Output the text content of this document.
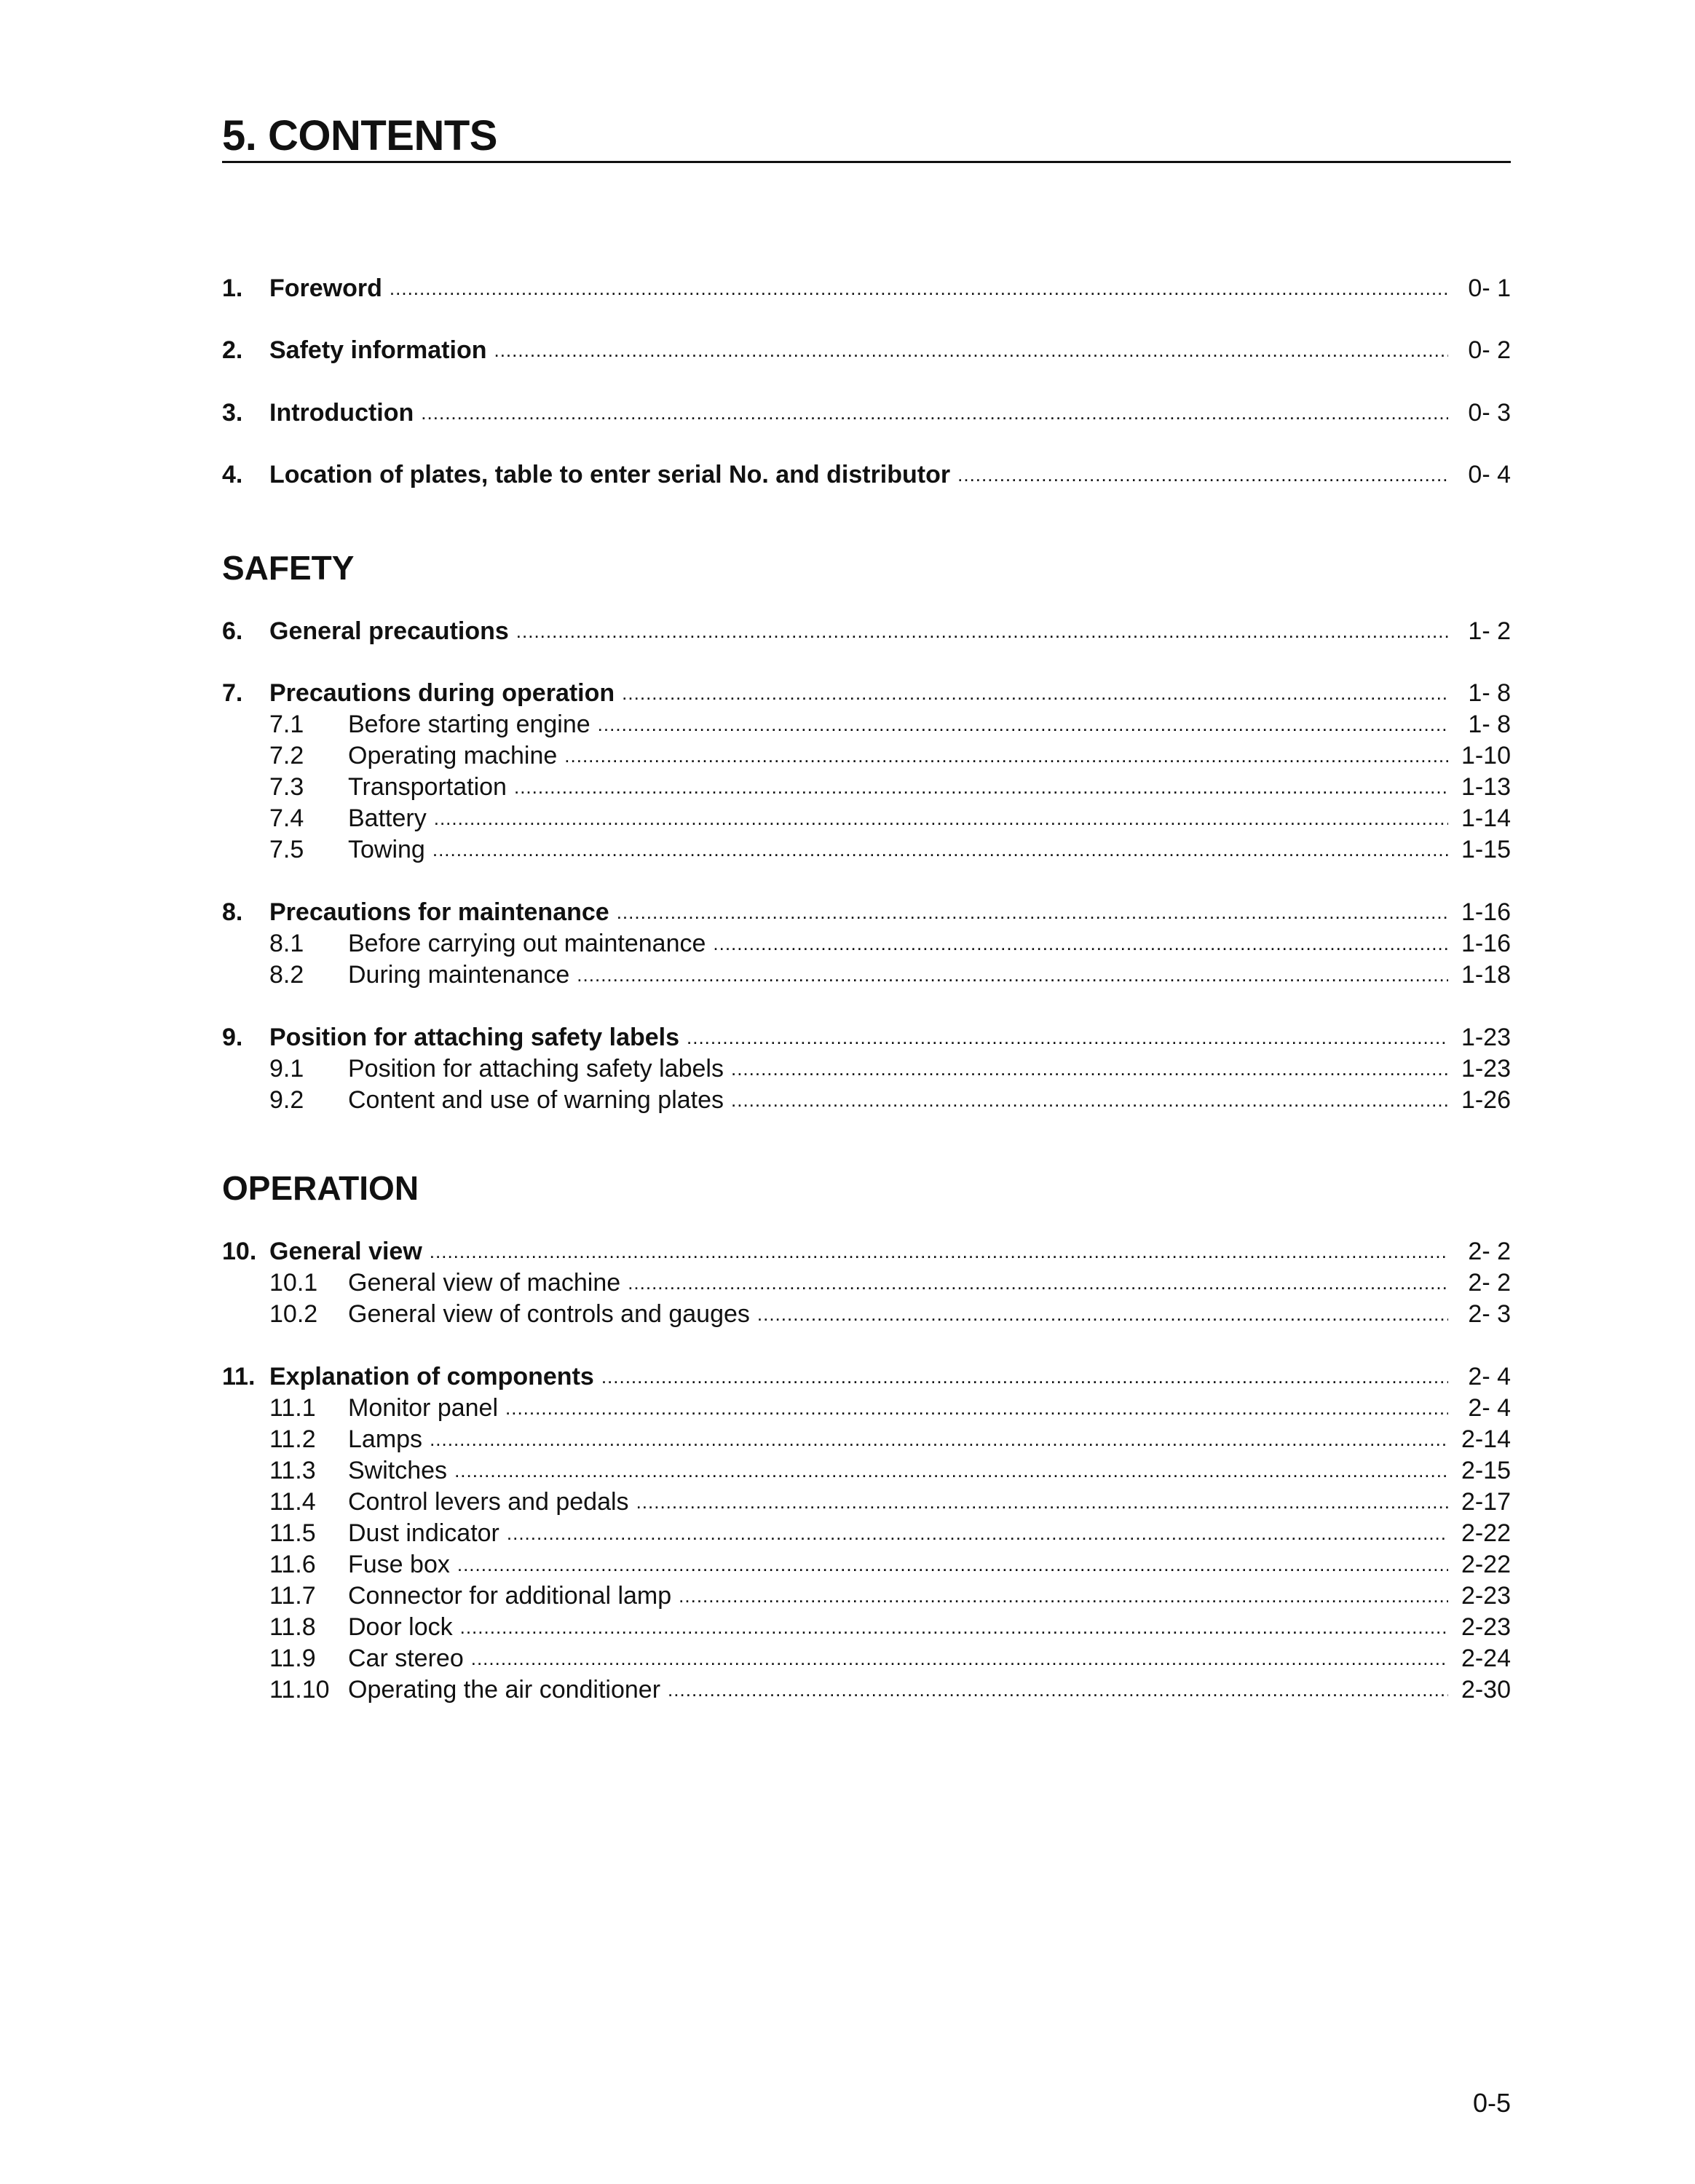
5. CONTENTS
1.	Foreword .....	0- 1
2.	Safety information .....	0- 2
3.	Introduction .....	0- 3
4.	Location of plates, table to enter serial No. and distributor .....	0- 4
SAFETY
6.	General precautions .....	1- 2
7.	Precautions during operation .....	1- 8
7.1	Before starting engine .....	1- 8
7.2	Operating machine .....	1-10
7.3	Transportation .....	1-13
7.4	Battery .....	1-14
7.5	Towing .....	1-15
8.	Precautions for maintenance .....	1-16
8.1	Before carrying out maintenance .....	1-16
8.2	During maintenance .....	1-18
9.	Position for attaching safety labels .....	1-23
9.1	Position for attaching safety labels .....	1-23
9.2	Content and use of warning plates .....	1-26
OPERATION
10. General view .....	2- 2
10.1	General view of machine .....	2- 2
10.2	General view of controls and gauges .....	2- 3
11. Explanation of components .....	2- 4
11.1	Monitor panel .....	2- 4
11.2	Lamps .....	2-14
11.3	Switches .....	2-15
11.4	Control levers and pedals .....	2-17
11.5	Dust indicator .....	2-22
11.6	Fuse box .....	2-22
11.7	Connector for additional lamp .....	2-23
11.8	Door lock .....	2-23
11.9	Car stereo .....	2-24
11.10 Operating the air conditioner .....	2-30
0-5
